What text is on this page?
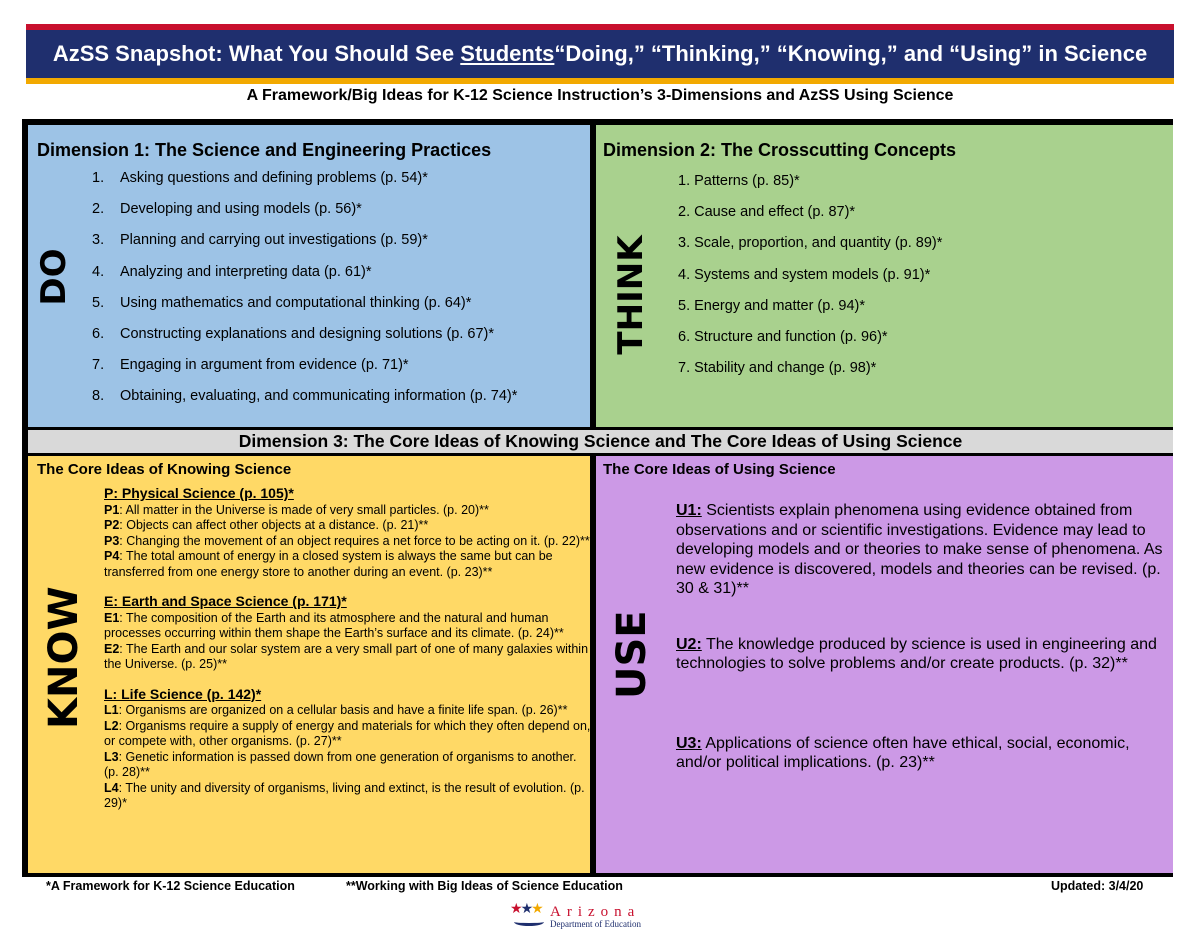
AzSS Snapshot: What You Should See
Students “Doing,” “Thinking,” “Knowing,” and “Using” in Science
A Framework/Big Ideas for K-12 Science Instruction’s 3-Dimensions and AzSS Using Science
Dimension 1: The Science and Engineering Practices
DO
1.	Asking questions and defining problems (p. 54)*
2.	Developing and using models (p. 56)*
3.	Planning and carrying out investigations (p. 59)*
4.	Analyzing and interpreting data (p. 61)*
5.	Using mathematics and computational thinking (p. 64)*
6.	Constructing explanations and designing solutions (p. 67)*
7.	Engaging in argument from evidence (p. 71)*
8.	Obtaining, evaluating, and communicating information (p. 74)*
Dimension 2: The Crosscutting Concepts
THINK
1. Patterns (p. 85)*
2. Cause and effect (p. 87)*
3. Scale, proportion, and quantity (p. 89)*
4. Systems and system models (p. 91)*
5. Energy and matter (p. 94)*
6. Structure and function (p. 96)*
7. Stability and change (p. 98)*
Dimension 3: The Core Ideas of Knowing Science and The Core Ideas of Using Science
The Core Ideas of Knowing Science
KNOW
P: Physical Science (p. 105)*
P1: All matter in the Universe is made of very small particles. (p. 20)**
P2: Objects can affect other objects at a distance. (p. 21)**
P3: Changing the movement of an object requires a net force to be acting on it. (p. 22)**
P4: The total amount of energy in a closed system is always the same but can be transferred from one energy store to another during an event. (p. 23)**
E: Earth and Space Science (p. 171)*
E1: The composition of the Earth and its atmosphere and the natural and human processes occurring within them shape the Earth’s surface and its climate. (p. 24)**
E2: The Earth and our solar system are a very small part of one of many galaxies within the Universe. (p. 25)**
L: Life Science (p. 142)*
L1: Organisms are organized on a cellular basis and have a finite life span. (p. 26)**
L2: Organisms require a supply of energy and materials for which they often depend on, or compete with, other organisms. (p. 27)**
L3: Genetic information is passed down from one generation of organisms to another. (p. 28)**
L4: The unity and diversity of organisms, living and extinct, is the result of evolution. (p. 29)*
The Core Ideas of Using Science
USE
U1: Scientists explain phenomena using evidence obtained from observations and or scientific investigations. Evidence may lead to developing models and or theories to make sense of phenomena. As new evidence is discovered, models and theories can be revised. (p. 30 & 31)**
U2: The knowledge produced by science is used in engineering and technologies to solve problems and/or create products. (p. 32)**
U3: Applications of science often have ethical, social, economic, and/or political implications. (p. 23)**
*A Framework for K-12 Science Education	**Working with Big Ideas of Science Education	Updated: 3/4/20
★★★ Arizona
Department of Education
